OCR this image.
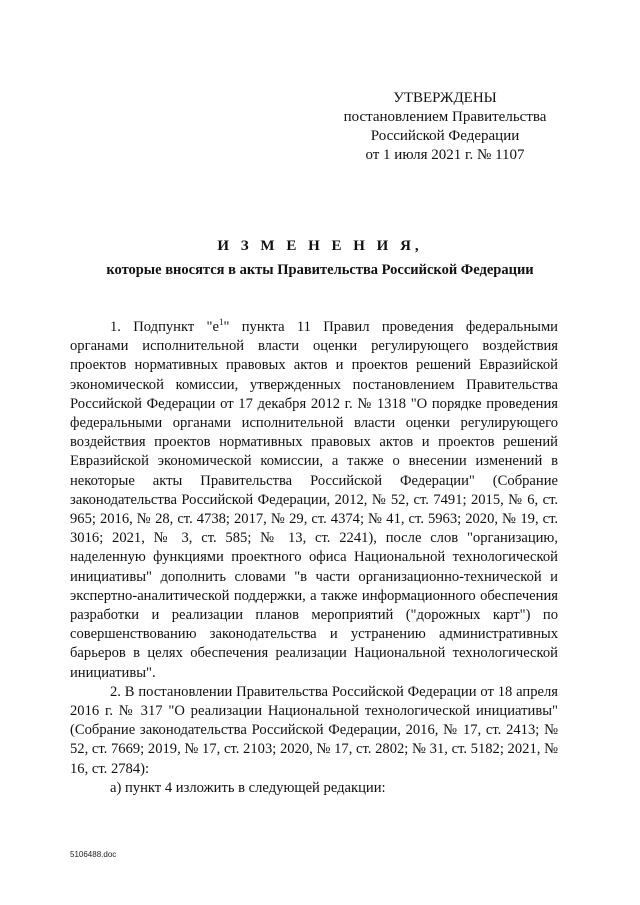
УТВЕРЖДЕНЫ
постановлением Правительства
Российской Федерации
от 1 июля 2021 г. № 1107
И З М Е Н Е Н И Я,
которые вносятся в акты Правительства Российской Федерации

1. Подпункт "$е^1$" пункта 11 Правил проведения федеральными органами исполнительной власти оценки регулирующего воздействия проектов нормативных правовых актов и проектов решений Евразийской экономической комиссии, утвержденных постановлением Правительства Российской Федерации от 17 декабря 2012 г. № 1318 "О порядке проведения федеральными органами исполнительной власти оценки регулирующего воздействия проектов нормативных правовых актов и проектов решений Евразийской экономической комиссии, а также о внесении изменений в некоторые акты Правительства Российской Федерации" (Собрание законодательства Российской Федерации, 2012, № 52, ст. 7491; 2015, № 6, ст. 965; 2016, № 28, ст. 4738; 2017, № 29, ст. 4374; № 41, ст. 5963; 2020, № 19, ст. 3016; 2021, № 3, ст. 585; № 13, ст. 2241), после слов "организацию, наделенную функциями проектного офиса Национальной технологической инициативы" дополнить словами "в части организационно-технической и экспертно-аналитической поддержки, а также информационного обеспечения разработки и реализации планов мероприятий ("дорожных карт") по совершенствованию законодательства и устранению административных барьеров в целях обеспечения реализации Национальной технологической инициативы".

2. В постановлении Правительства Российской Федерации от 18 апреля 2016 г. № 317 "О реализации Национальной технологической инициативы" (Собрание законодательства Российской Федерации, 2016, № 17, ст. 2413; № 52, ст. 7669; 2019, № 17, ст. 2103; 2020, № 17, ст. 2802; № 31, ст. 5182; 2021, № 16, ст. 2784):

а) пункт 4 изложить в следующей редакции:

5106488.doc
